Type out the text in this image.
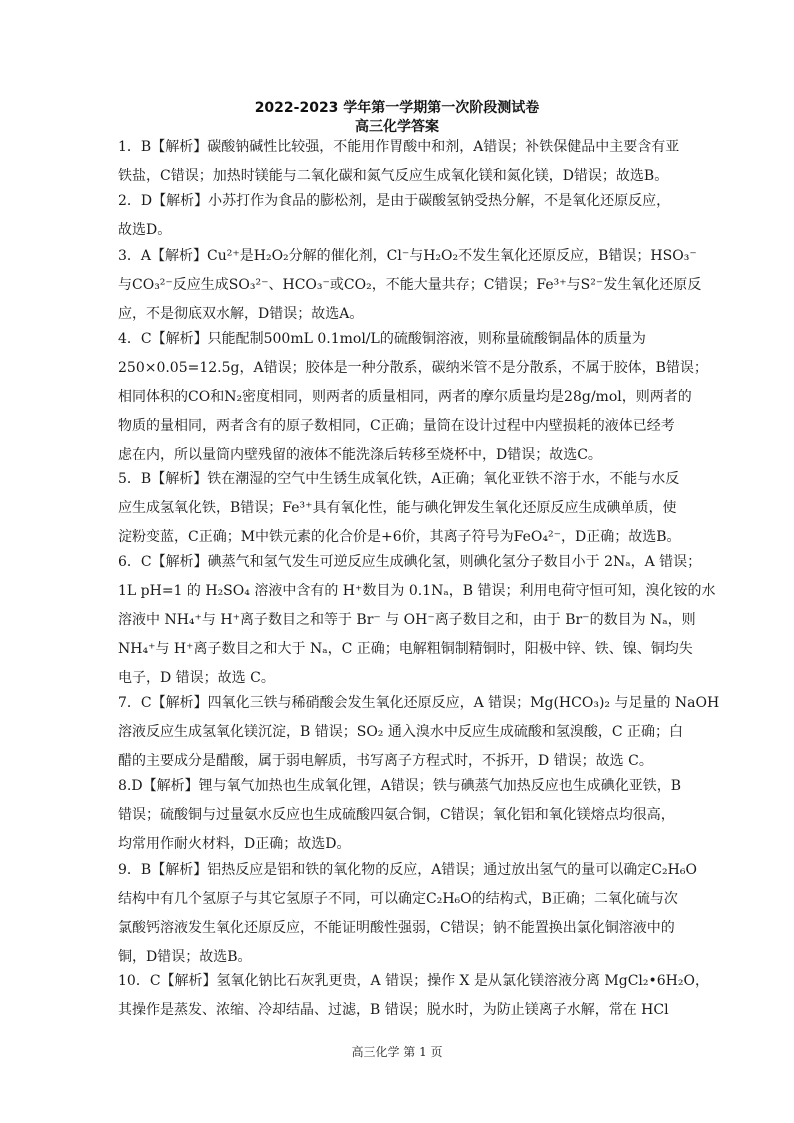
2022-2023 学年第一学期第一次阶段测试卷
高三化学答案
1．B【解析】碳酸钠碱性比较强，不能用作胃酸中和剂，A错误；补铁保健品中主要含有亚
铁盐，C错误；加热时镁能与二氧化碳和氮气反应生成氧化镁和氮化镁，D错误；故选B。
2．D【解析】小苏打作为食品的膨松剂，是由于碳酸氢钠受热分解，不是氧化还原反应，
故选D。
3．A【解析】Cu²⁺是H₂O₂分解的催化剂，Cl⁻与H₂O₂不发生氧化还原反应，B错误；HSO₃⁻
与CO₃²⁻反应生成SO₃²⁻、HCO₃⁻或CO₂，不能大量共存；C错误；Fe³⁺与S²⁻发生氧化还原反
应，不是彻底双水解，D错误；故选A。
4．C【解析】只能配制500mL 0.1mol/L的硫酸铜溶液，则称量硫酸铜晶体的质量为
250×0.05=12.5g，A错误；胶体是一种分散系，碳纳米管不是分散系，不属于胶体，B错误；
相同体积的CO和N₂密度相同，则两者的质量相同，两者的摩尔质量均是28g/mol，则两者的
物质的量相同，两者含有的原子数相同，C正确；量筒在设计过程中内壁损耗的液体已经考
虑在内，所以量筒内壁残留的液体不能洗涤后转移至烧杯中，D错误；故选C。
5．B【解析】铁在潮湿的空气中生锈生成氧化铁，A正确；氧化亚铁不溶于水，不能与水反
应生成氢氧化铁，B错误；Fe³⁺具有氧化性，能与碘化钾发生氧化还原反应生成碘单质，使
淀粉变蓝，C正确；M中铁元素的化合价是+6价，其离子符号为FeO₄²⁻，D正确；故选B。
6．C【解析】碘蒸气和氢气发生可逆反应生成碘化氢，则碘化氢分子数目小于 2Nₐ，A 错误；
1L pH=1 的 H₂SO₄ 溶液中含有的 H⁺数目为 0.1Nₐ，B 错误；利用电荷守恒可知，溴化铵的水
溶液中 NH₄⁺与 H⁺离子数目之和等于 Br⁻ 与 OH⁻离子数目之和，由于 Br⁻的数目为 Nₐ，则
NH₄⁺与 H⁺离子数目之和大于 Nₐ，C 正确；电解粗铜制精铜时，阳极中锌、铁、镍、铜均失
电子，D 错误；故选 C。
7．C【解析】四氧化三铁与稀硝酸会发生氧化还原反应，A 错误；Mg(HCO₃)₂ 与足量的 NaOH
溶液反应生成氢氧化镁沉淀，B 错误；SO₂ 通入溴水中反应生成硫酸和氢溴酸，C 正确；白
醋的主要成分是醋酸，属于弱电解质，书写离子方程式时，不拆开，D 错误；故选 C。
8.D【解析】锂与氧气加热也生成氧化锂，A错误；铁与碘蒸气加热反应也生成碘化亚铁，B
错误；硫酸铜与过量氨水反应也生成硫酸四氨合铜，C错误；氧化铝和氧化镁熔点均很高，
均常用作耐火材料，D正确；故选D。
9．B【解析】铝热反应是铝和铁的氧化物的反应，A错误；通过放出氢气的量可以确定C₂H₆O
结构中有几个氢原子与其它氢原子不同，可以确定C₂H₆O的结构式，B正确；二氧化硫与次
氯酸钙溶液发生氧化还原反应，不能证明酸性强弱，C错误；钠不能置换出氯化铜溶液中的
铜，D错误；故选B。
10．C【解析】氢氧化钠比石灰乳更贵，A 错误；操作 X 是从氯化镁溶液分离 MgCl₂•6H₂O，
其操作是蒸发、浓缩、冷却结晶、过滤，B 错误；脱水时，为防止镁离子水解，常在 HCl
高三化学 第 1 页
